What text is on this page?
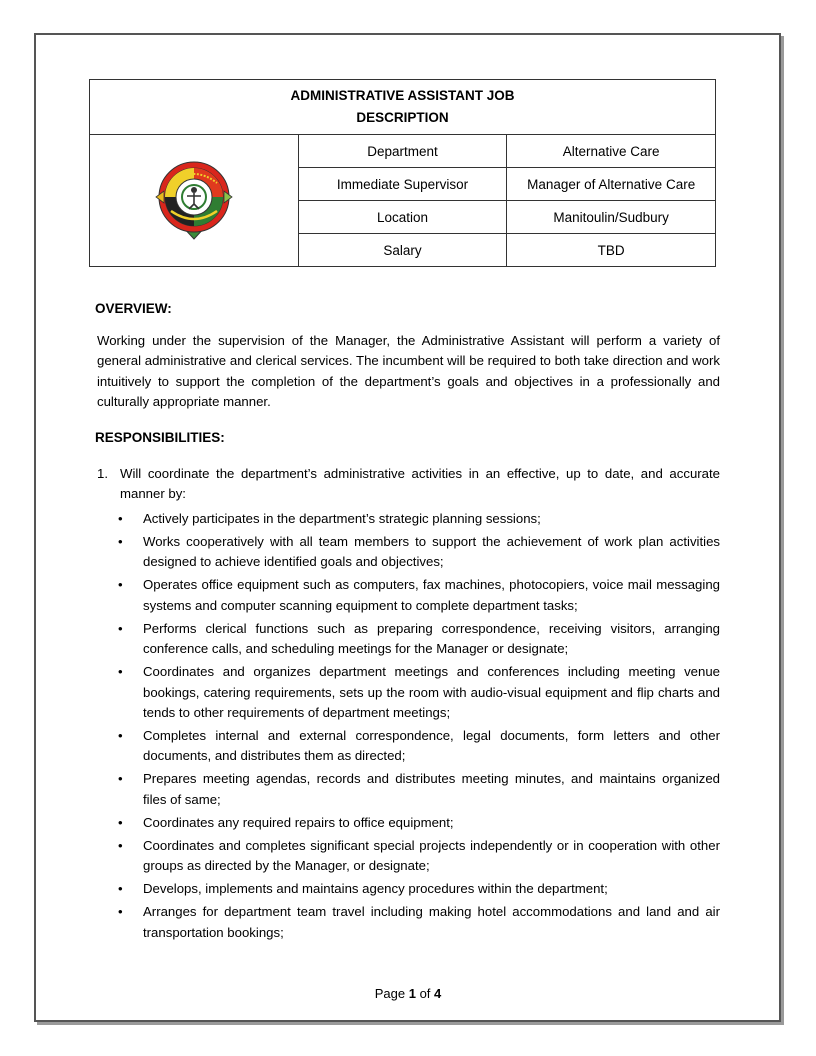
ADMINISTRATIVE ASSISTANT JOB
DESCRIPTION		

	Department	Alternative Care
	Immediate Supervisor	Manager of Alternative Care
	Location	Manitoulin/Sudbury
	Salary	TBD
OVERVIEW:
Working under the supervision of the Manager, the Administrative Assistant will perform a variety of general administrative and clerical services. The incumbent will be required to both take direction and work intuitively to support the completion of the department’s goals and objectives in a professionally and culturally appropriate manner.
RESPONSIBILITIES:
1. Will coordinate the department’s administrative activities in an effective, up to date, and accurate manner by:
• Actively participates in the department’s strategic planning sessions;
• Works cooperatively with all team members to support the achievement of work plan activities designed to achieve identified goals and objectives;
• Operates office equipment such as computers, fax machines, photocopiers, voice mail messaging systems and computer scanning equipment to complete department tasks;
• Performs clerical functions such as preparing correspondence, receiving visitors, arranging conference calls, and scheduling meetings for the Manager or designate;
• Coordinates and organizes department meetings and conferences including meeting venue bookings, catering requirements, sets up the room with audio-visual equipment and flip charts and tends to other requirements of department meetings;
• Completes internal and external correspondence, legal documents, form letters and other documents, and distributes them as directed;
• Prepares meeting agendas, records and distributes meeting minutes, and maintains organized files of same;
• Coordinates any required repairs to office equipment;
• Coordinates and completes significant special projects independently or in cooperation with other groups as directed by the Manager, or designate;
• Develops, implements and maintains agency procedures within the department;
• Arranges for department team travel including making hotel accommodations and land and air transportation bookings;
Page 1 of 4
